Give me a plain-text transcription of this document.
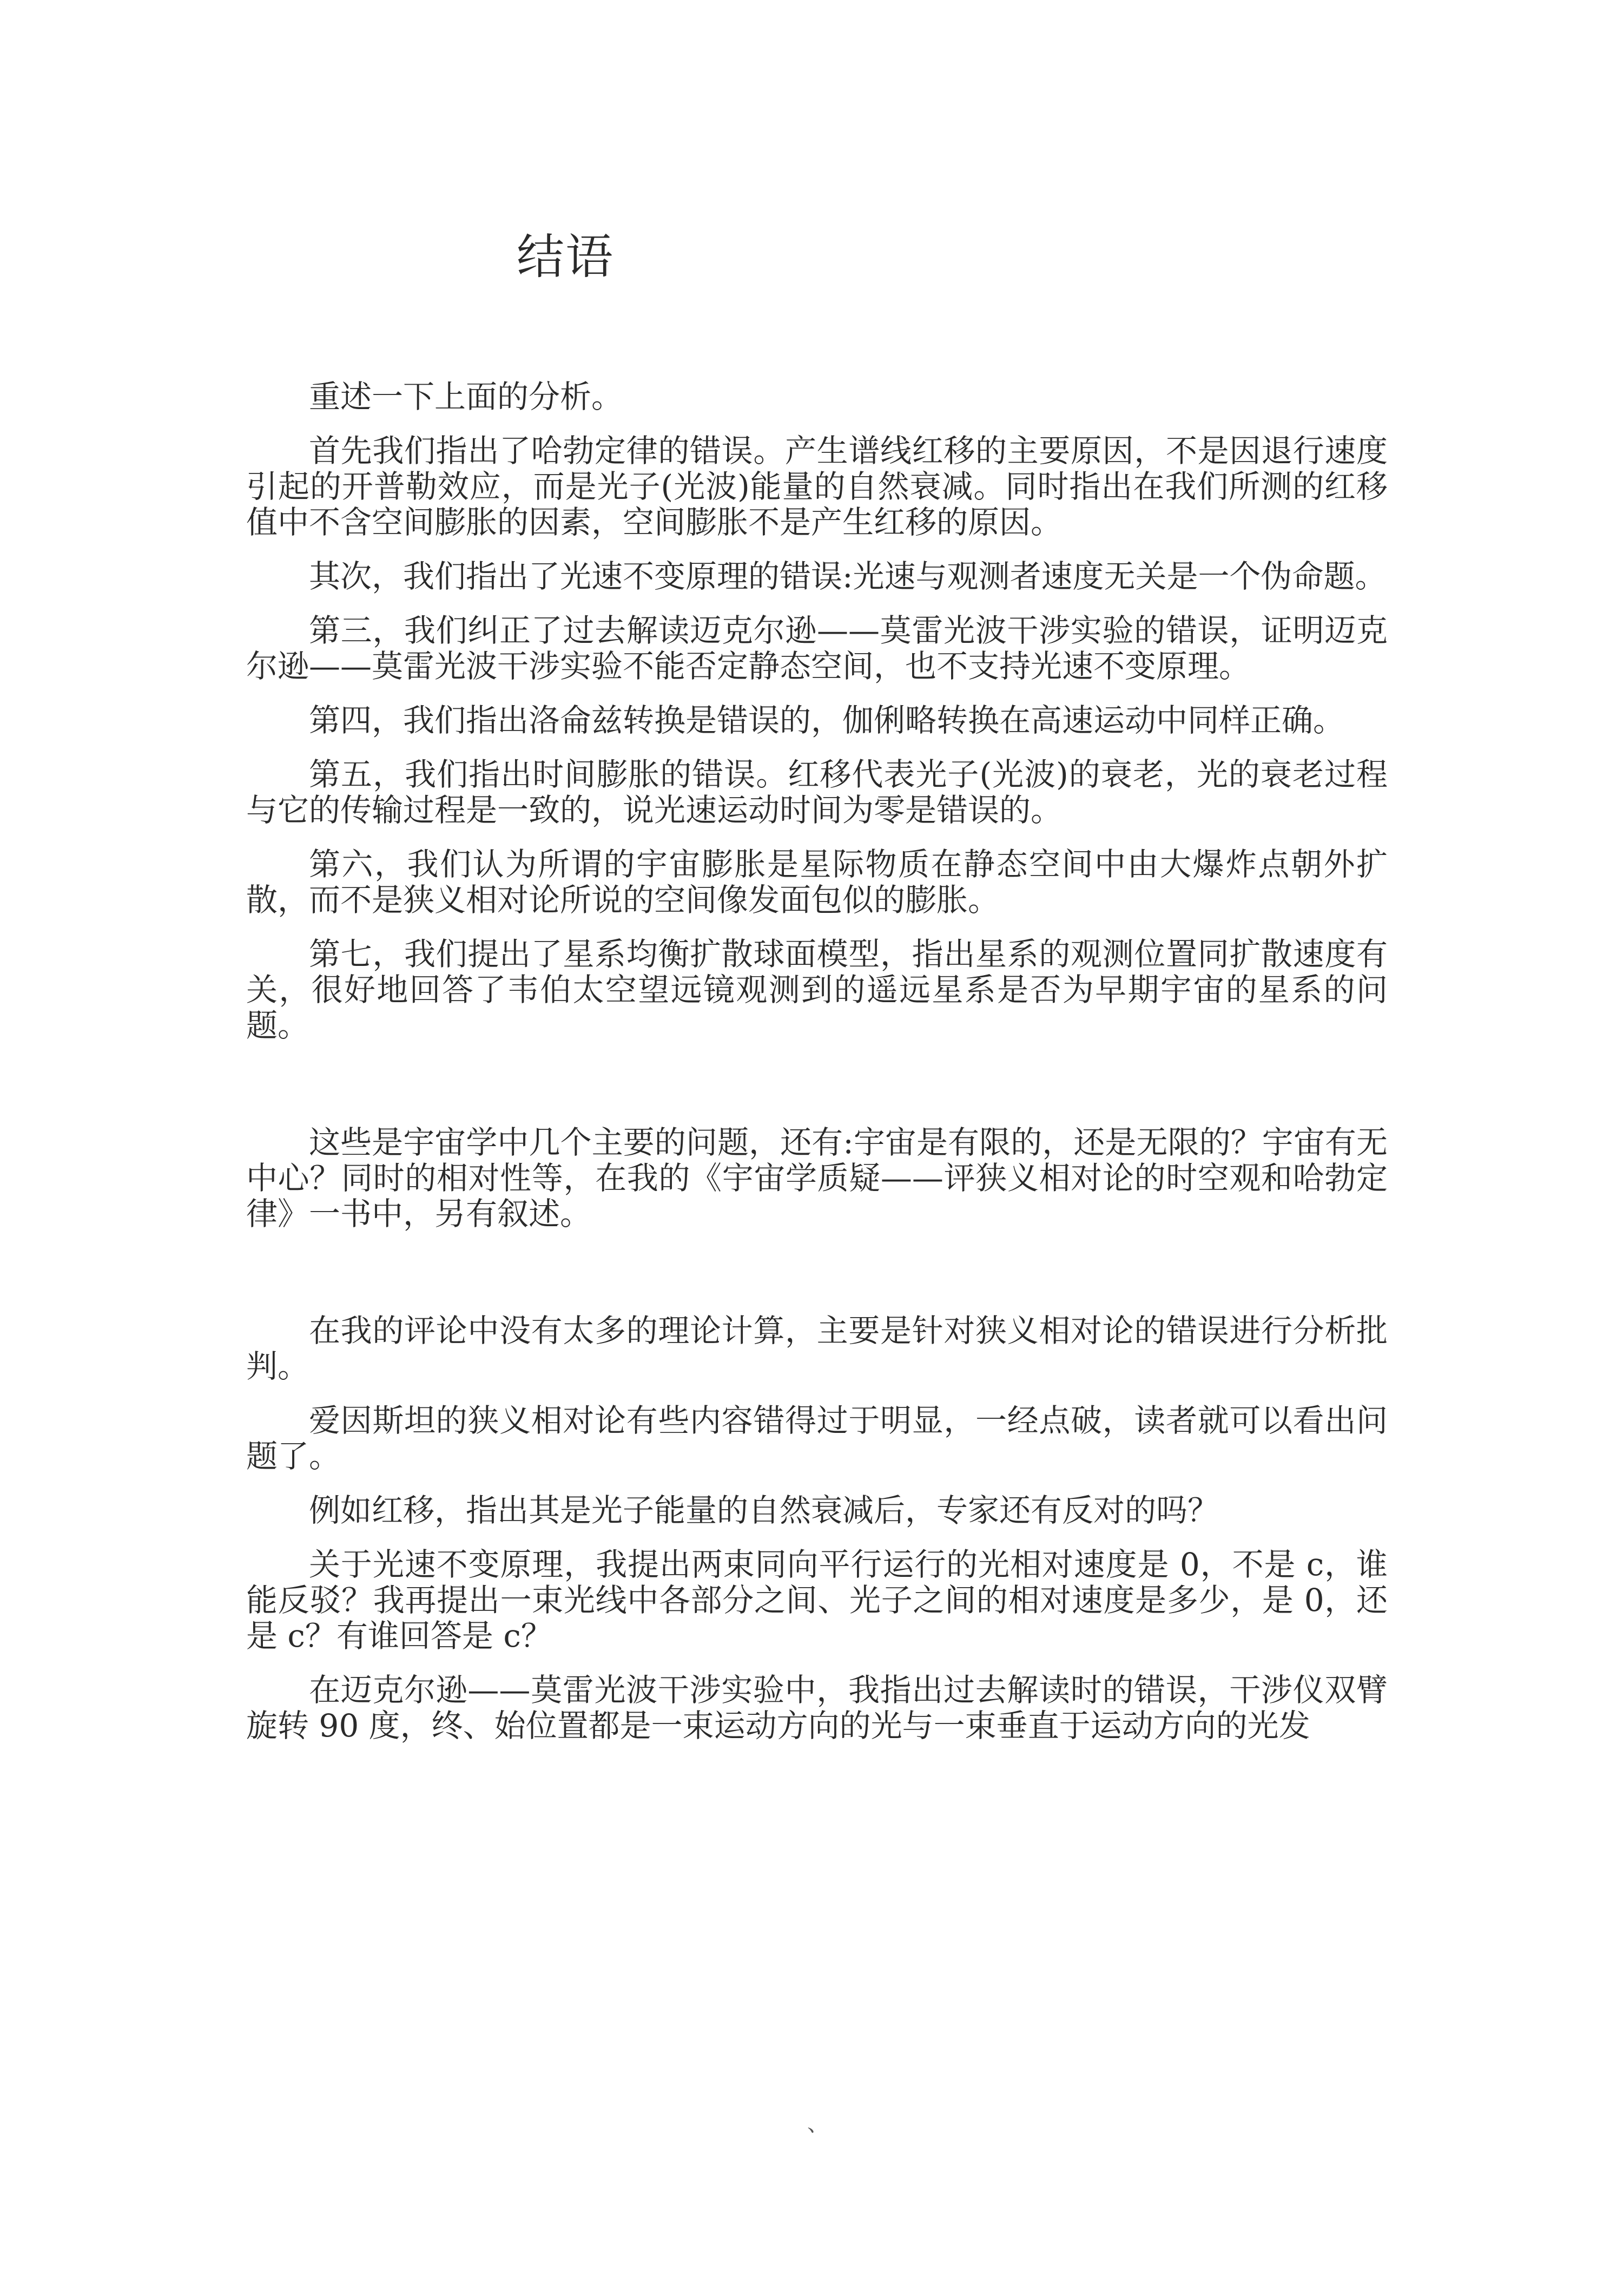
结语

重述一下上面的分析。

首先我们指出了哈勃定律的错误。产生谱线红移的主要原因，不是因退行速度引起的开普勒效应，而是光子(光波)能量的自然衰减。同时指出在我们所测的红移值中不含空间膨胀的因素，空间膨胀不是产生红移的原因。

其次，我们指出了光速不变原理的错误:光速与观测者速度无关是一个伪命题。

第三，我们纠正了过去解读迈克尔逊——莫雷光波干涉实验的错误，证明迈克尔逊——莫雷光波干涉实验不能否定静态空间，也不支持光速不变原理。

第四，我们指出洛侖兹转换是错误的，伽俐略转换在高速运动中同样正确。

第五，我们指出时间膨胀的错误。红移代表光子(光波)的衰老，光的衰老过程与它的传输过程是一致的，说光速运动时间为零是错误的。

第六，我们认为所谓的宇宙膨胀是星际物质在静态空间中由大爆炸点朝外扩散，而不是狭义相对论所说的空间像发面包似的膨胀。

第七，我们提出了星系均衡扩散球面模型，指出星系的观测位置同扩散速度有关，很好地回答了韦伯太空望远镜观测到的遥远星系是否为早期宇宙的星系的问题。

这些是宇宙学中几个主要的问题，还有:宇宙是有限的，还是无限的？宇宙有无中心？同时的相对性等，在我的《宇宙学质疑——评狭义相对论的时空观和哈勃定律》一书中，另有叙述。

在我的评论中没有太多的理论计算，主要是针对狭义相对论的错误进行分析批判。

爱因斯坦的狭义相对论有些内容错得过于明显，一经点破，读者就可以看出问题了。

例如红移，指出其是光子能量的自然衰减后，专家还有反对的吗？

关于光速不变原理，我提出两束同向平行运行的光相对速度是 0，不是 c，谁能反驳？我再提出一束光线中各部分之间、光子之间的相对速度是多少，是 0，还是 c？有谁回答是 c？

在迈克尔逊——莫雷光波干涉实验中，我指出过去解读时的错误，干涉仪双臂旋转 90 度，终、始位置都是一束运动方向的光与一束垂直于运动方向的光发

、
